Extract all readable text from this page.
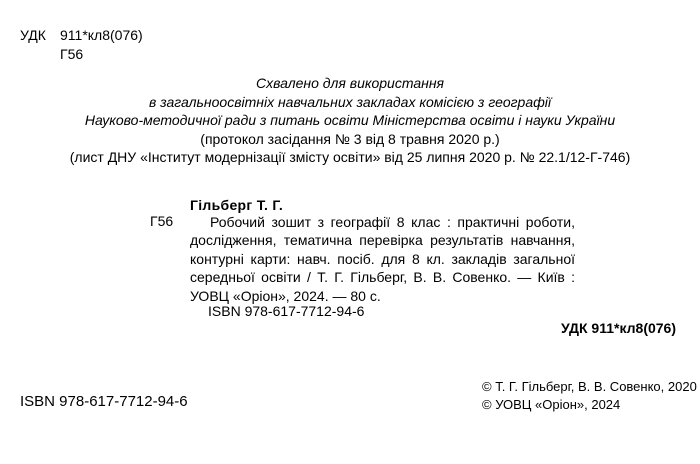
УДК 911*кл8(076)
Г56
Схвалено для використання
в загальноосвітніх навчальних закладах комісією з географії
Науково-методичної ради з питань освіти Міністерства освіти і науки України
(протокол засідання № 3 від 8 травня 2020 р.)
(лист ДНУ «Інститут модернізації змісту освіти» від 25 липня 2020 р. № 22.1/12-Г-746)
Гільберг Т. Г.
Г56	Робочий зошит з географії 8 клас : практичні роботи, дослідження, тематична перевірка результатів навчання, контурні карти: навч. посіб. для 8 кл. закладів загальної середньої освіти / Т. Г. Гільберг, В. В. Совенко. — Київ : УОВЦ «Оріон», 2024. — 80 с.
ISBN 978-617-7712-94-6
УДК 911*кл8(076)
© Т. Г. Гільберг, В. В. Совенко, 2020
© УОВЦ «Оріон», 2024
ISBN 978-617-7712-94-6
